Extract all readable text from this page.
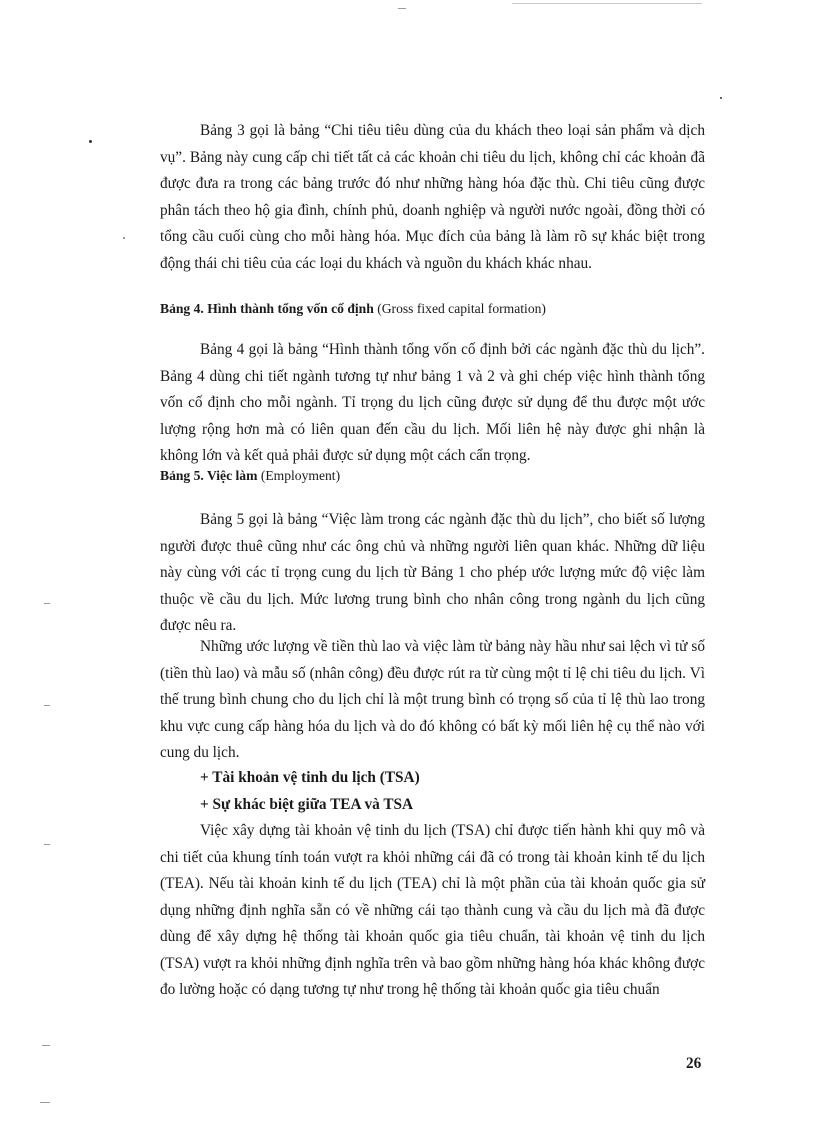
Bảng 3 gọi là bảng “Chi tiêu tiêu dùng của du khách theo loại sản phẩm và dịch vụ”. Bảng này cung cấp chi tiết tất cả các khoản chi tiêu du lịch, không chỉ các khoản đã được đưa ra trong các bảng trước đó như những hàng hóa đặc thù. Chi tiêu cũng được phân tách theo hộ gia đình, chính phủ, doanh nghiệp và người nước ngoài, đồng thời có tổng cầu cuối cùng cho mỗi hàng hóa. Mục đích của bảng là làm rõ sự khác biệt trong động thái chi tiêu của các loại du khách và nguồn du khách khác nhau.

Bảng 4. Hình thành tổng vốn cố định (Gross fixed capital formation)

Bảng 4 gọi là bảng “Hình thành tổng vốn cố định bởi các ngành đặc thù du lịch”. Bảng 4 dùng chi tiết ngành tương tự như bảng 1 và 2 và ghi chép việc hình thành tổng vốn cố định cho mỗi ngành. Tỉ trọng du lịch cũng được sử dụng để thu được một ước lượng rộng hơn mà có liên quan đến cầu du lịch. Mối liên hệ này được ghi nhận là không lớn và kết quả phải được sử dụng một cách cẩn trọng.

Bảng 5. Việc làm (Employment)

Bảng 5 gọi là bảng “Việc làm trong các ngành đặc thù du lịch”, cho biết số lượng người được thuê cũng như các ông chủ và những người liên quan khác. Những dữ liệu này cùng với các tỉ trọng cung du lịch từ Bảng 1 cho phép ước lượng mức độ việc làm thuộc về cầu du lịch. Mức lương trung bình cho nhân công trong ngành du lịch cũng được nêu ra.

Những ước lượng về tiền thù lao và việc làm từ bảng này hầu như sai lệch vì tử số (tiền thù lao) và mẫu số (nhân công) đều được rút ra từ cùng một tỉ lệ chi tiêu du lịch. Vì thế trung bình chung cho du lịch chỉ là một trung bình có trọng số của tỉ lệ thù lao trong khu vực cung cấp hàng hóa du lịch và do đó không có bất kỳ mối liên hệ cụ thể nào với cung du lịch.

+ Tài khoản vệ tinh du lịch (TSA)

+ Sự khác biệt giữa TEA và TSA

Việc xây dựng tài khoản vệ tinh du lịch (TSA) chỉ được tiến hành khi quy mô và chi tiết của khung tính toán vượt ra khỏi những cái đã có trong tài khoản kinh tế du lịch (TEA). Nếu tài khoản kinh tế du lịch (TEA) chỉ là một phần của tài khoản quốc gia sử dụng những định nghĩa sẵn có về những cái tạo thành cung và cầu du lịch mà đã được dùng để xây dựng hệ thống tài khoản quốc gia tiêu chuẩn, tài khoản vệ tinh du lịch (TSA) vượt ra khỏi những định nghĩa trên và bao gồm những hàng hóa khác không được đo lường hoặc có dạng tương tự như trong hệ thống tài khoản quốc gia tiêu chuẩn

26
